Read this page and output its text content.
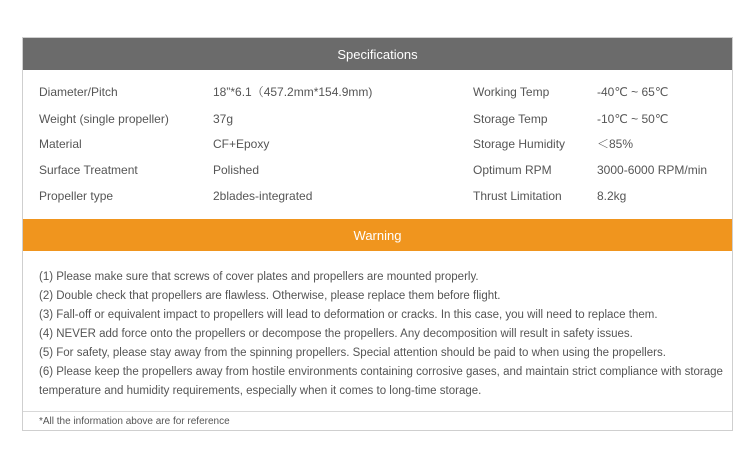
Specifications
Diameter/Pitch	18”*6.1（457.2mm*154.9mm)	Working Temp	-40℃ ~ 65℃
Weight (single propeller)	37g	Storage Temp	-10℃ ~ 50℃
Material	CF+Epoxy	Storage Humidity	＜85%
Surface Treatment	Polished	Optimum RPM	3000-6000 RPM/min
Propeller type	2blades-integrated	Thrust Limitation	8.2kg
Warning
(1) Please make sure that screws of cover plates and propellers are mounted properly.
(2) Double check that propellers are flawless. Otherwise, please replace them before flight.
(3) Fall-off or equivalent impact to propellers will lead to deformation or cracks. In this case, you will need to replace them.
(4) NEVER add force onto the propellers or decompose the propellers. Any decomposition will result in safety issues.
(5) For safety, please stay away from the spinning propellers. Special attention should be paid to when using the propellers.
(6) Please keep the propellers away from hostile environments containing corrosive gases, and maintain strict compliance with storage temperature and humidity requirements, especially when it comes to long-time storage.
*All the information above are for reference
